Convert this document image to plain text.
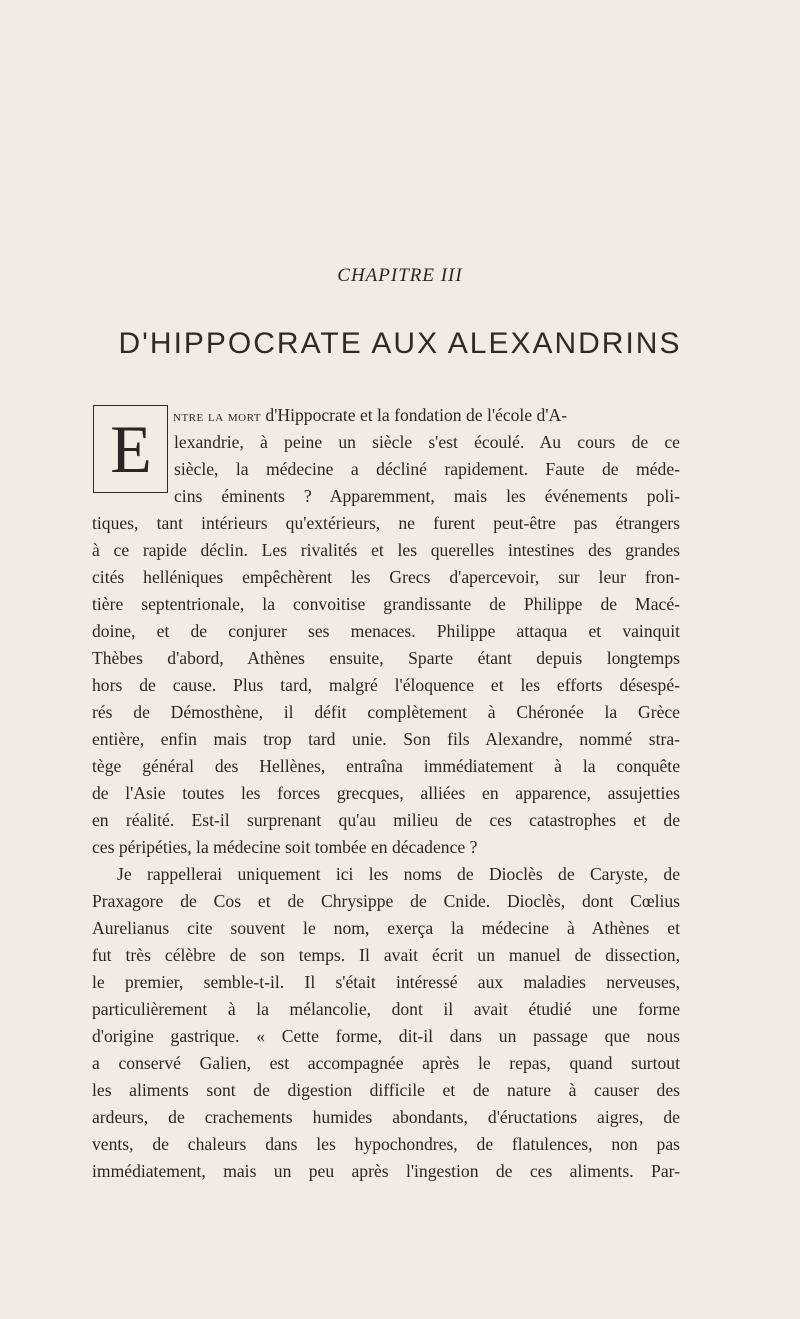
CHAPITRE III
D'HIPPOCRATE AUX ALEXANDRINS
E	ntre la mort d'Hippocrate et la fondation de l'école d'A-
lexandrie, à peine un siècle s'est écoulé. Au cours de ce
siècle, la médecine a décliné rapidement. Faute de méde-
cins éminents ? Apparemment, mais les événements poli-
tiques, tant intérieurs qu'extérieurs, ne furent peut-être pas étrangers
à ce rapide déclin. Les rivalités et les querelles intestines des grandes
cités helléniques empêchèrent les Grecs d'apercevoir, sur leur fron-
tière septentrionale, la convoitise grandissante de Philippe de Macé-
doine, et de conjurer ses menaces. Philippe attaqua et vainquit
Thèbes d'abord, Athènes ensuite, Sparte étant depuis longtemps
hors de cause. Plus tard, malgré l'éloquence et les efforts désespé-
rés de Démosthène, il défit complètement à Chéronée la Grèce
entière, enfin mais trop tard unie. Son fils Alexandre, nommé stra-
tège général des Hellènes, entraîna immédiatement à la conquête
de l'Asie toutes les forces grecques, alliées en apparence, assujetties
en réalité. Est-il surprenant qu'au milieu de ces catastrophes et de
ces péripéties, la médecine soit tombée en décadence ?
Je rappellerai uniquement ici les noms de Dioclès de Caryste, de
Praxagore de Cos et de Chrysippe de Cnide. Dioclès, dont Cœlius
Aurelianus cite souvent le nom, exerça la médecine à Athènes et
fut très célèbre de son temps. Il avait écrit un manuel de dissection,
le premier, semble-t-il. Il s'était intéressé aux maladies nerveuses,
particulièrement à la mélancolie, dont il avait étudié une forme
d'origine gastrique. « Cette forme, dit-il dans un passage que nous
a conservé Galien, est accompagnée après le repas, quand surtout
les aliments sont de digestion difficile et de nature à causer des
ardeurs, de crachements humides abondants, d'éructations aigres, de
vents, de chaleurs dans les hypochondres, de flatulences, non pas
immédiatement, mais un peu après l'ingestion de ces aliments. Par-
